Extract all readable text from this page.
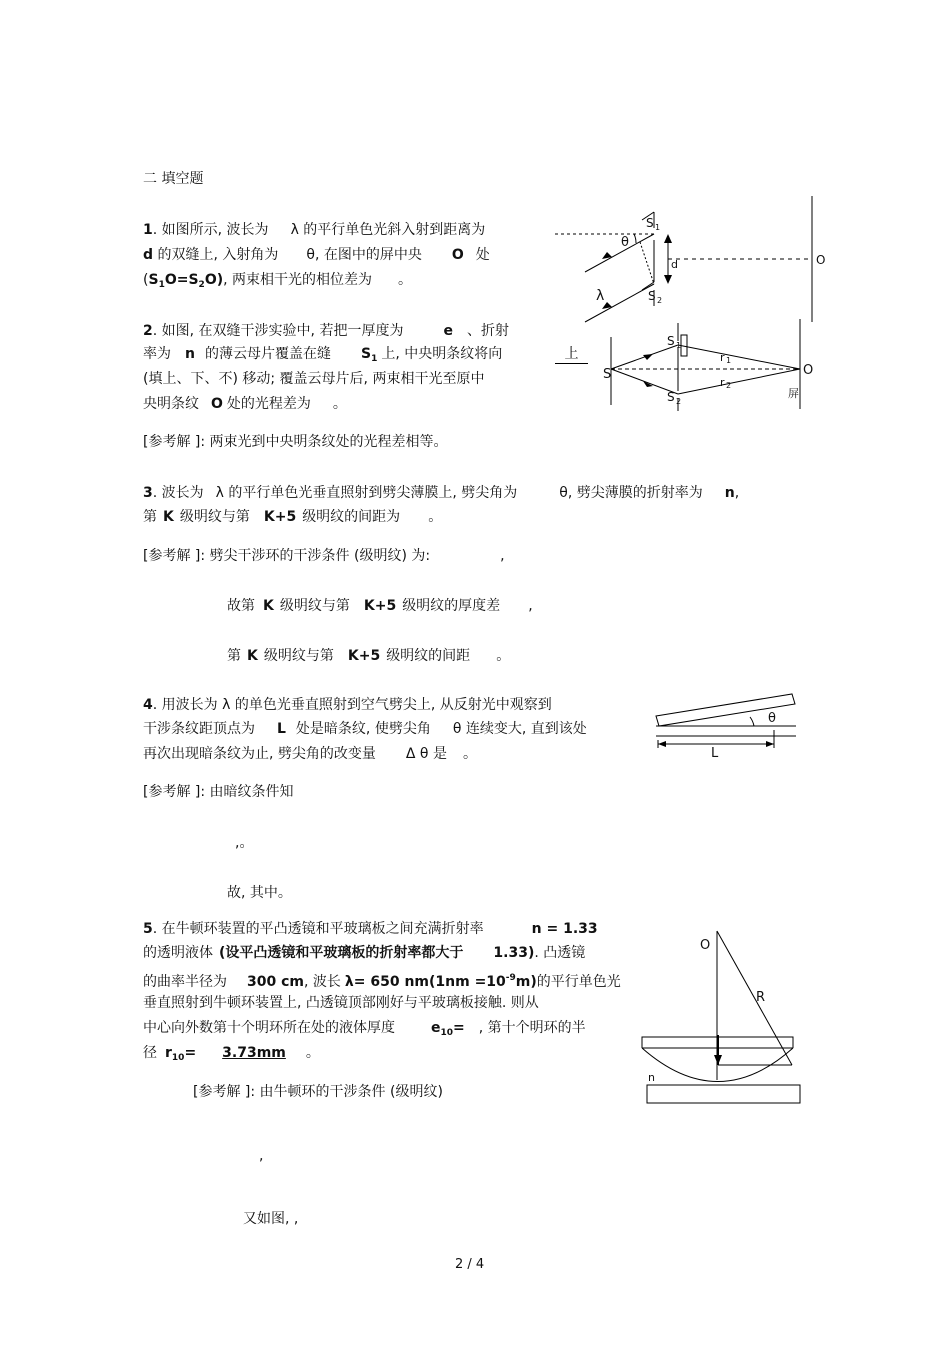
二 填空题
1. 如图所示, 波长为 λ 的平行单色光斜入射到距离为
d 的双缝上, 入射角为 θ, 在图中的屏中央 O 处
$(S_1O=S_2O)$, 两束相干光的相位差为 。
S 1
θ
d
S 2
O
λ
2. 如图, 在双缝干涉实验中, 若把一厚度为	e 、折射
率为 n 的薄云母片覆盖在缝 $S_1$ 上, 中央明条纹将向	上
(填上、下、不) 移动; 覆盖云母片后, 两束相干光至原中
央明条纹 O 处的光程差为 。
S
S 1
S 2
r 1
r 2
O
屏
[参考解 ]: 两束光到中央明条纹处的光程差相等。
3. 波长为 λ 的平行单色光垂直照射到劈尖薄膜上, 劈尖角为	θ, 劈尖薄膜的折射率为 n,
第 K 级明纹与第 K+5 级明纹的间距为 。
[参考解 ]: 劈尖干涉环的干涉条件 (级明纹) 为:	,
故第 K 级明纹与第 K+5 级明纹的厚度差 ,
第 K 级明纹与第 K+5 级明纹的间距 。
4. 用波长为 λ 的单色光垂直照射到空气劈尖上, 从反射光中观察到
干涉条纹距顶点为 L 处是暗条纹, 使劈尖角 θ 连续变大, 直到该处
再次出现暗条纹为止, 劈尖角的改变量 Δ θ 是 。
θ
L
[参考解 ]: 由暗纹条件知
,。
故, 其中。
5. 在牛顿环装置的平凸透镜和平玻璃板之间充满折射率	n = 1.33
的透明液体 (设平凸透镜和平玻璃板的折射率都大于 1.33). 凸透镜
的曲率半径为 300 cm, 波长 λ= 650 $nm(1nm =10^{-9}m)$的平行单色光
垂直照射到牛顿环装置上, 凸透镜顶部刚好与平玻璃板接触. 则从
中心向外数第十个明环所在处的液体厚度	$e_{10}=$ , 第十个明环的半
径 $r_{10}= 3.73mm$ 。
O
R
n
[参考解 ]: 由牛顿环的干涉条件 (级明纹)
,
又如图, ,
2 / 4
